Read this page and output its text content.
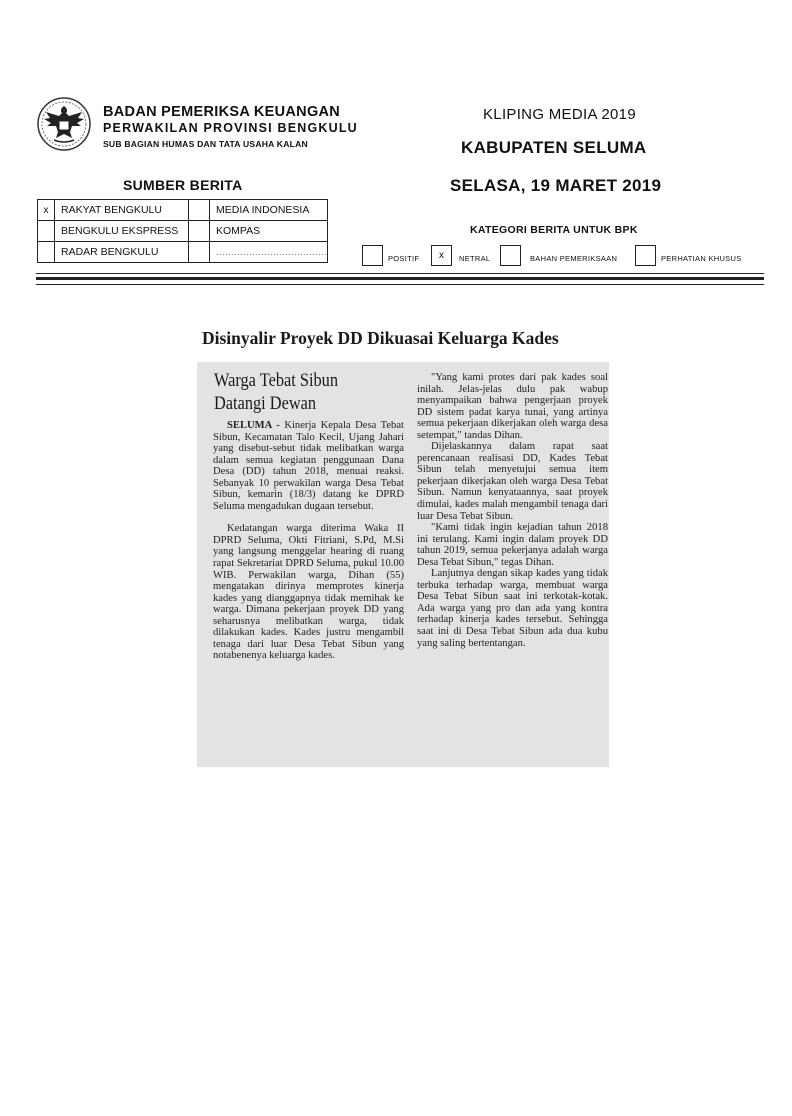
BADAN PEMERIKSA KEUANGAN
PERWAKILAN PROVINSI BENGKULU
SUB BAGIAN HUMAS DAN TATA USAHA KALAN
KLIPING MEDIA 2019
KABUPATEN SELUMA
SELASA, 19 MARET 2019
SUMBER BERITA
x	RAKYAT BENGKULU		MEDIA INDONESIA
	BENGKULU EKSPRESS		KOMPAS
	RADAR BENGKULU		.....................................
KATEGORI BERITA UNTUK BPK
POSITIF	x	NETRAL	BAHAN PEMERIKSAAN	PERHATIAN KHUSUS
Disinyalir Proyek DD Dikuasai Keluarga Kades
Warga Tebat Sibun
Datangi Dewan

SELUMA - Kinerja Kepala Desa Tebat Sibun, Kecamatan Talo Kecil, Ujang Jahari yang disebut-sebut tidak melibatkan warga dalam semua kegiatan penggunaan Dana Desa (DD) tahun 2018, menuai reaksi. Sebanyak 10 perwakilan warga Desa Tebat Sibun, kemarin (18/3) datang ke DPRD Seluma mengadukan dugaan tersebut.

Kedatangan warga diterima Waka II DPRD Seluma, Okti Fitriani, S.Pd, M.Si yang langsung menggelar hearing di ruang rapat Sekretariat DPRD Seluma, pukul 10.00 WIB. Perwakilan warga, Dihan (55) mengatakan dirinya memprotes kinerja kades yang dianggapnya tidak memihak ke warga. Dimana pekerjaan proyek DD yang seharusnya melibatkan warga, tidak dilakukan kades. Kades justru mengambil tenaga dari luar Desa Tebat Sibun yang notabenenya keluarga kades.

"Yang kami protes dari pak kades soal inilah. Jelas-jelas dulu pak wabup menyampaikan bahwa pengerjaan proyek DD sistem padat karya tunai, yang artinya semua pekerjaan dikerjakan oleh warga desa setempat," tandas Dihan.

Dijelaskannya dalam rapat saat perencanaan realisasi DD, Kades Tebat Sibun telah menyetujui semua item pekerjaan dikerjakan oleh warga Desa Tebat Sibun. Namun kenyataannya, saat proyek dimulai, kades malah mengambil tenaga dari luar Desa Tebat Sibun.

"Kami tidak ingin kejadian tahun 2018 ini terulang. Kami ingin dalam proyek DD tahun 2019, semua pekerjanya adalah warga Desa Tebat Sibun," tegas Dihan.

Lanjutnya dengan sikap kades yang tidak terbuka terhadap warga, membuat warga Desa Tebat Sibun saat ini terkotak-kotak. Ada warga yang pro dan ada yang kontra terhadap kinerja kades tersebut. Sehingga saat ini di Desa Tebat Sibun ada dua kubu yang saling bertentangan.
